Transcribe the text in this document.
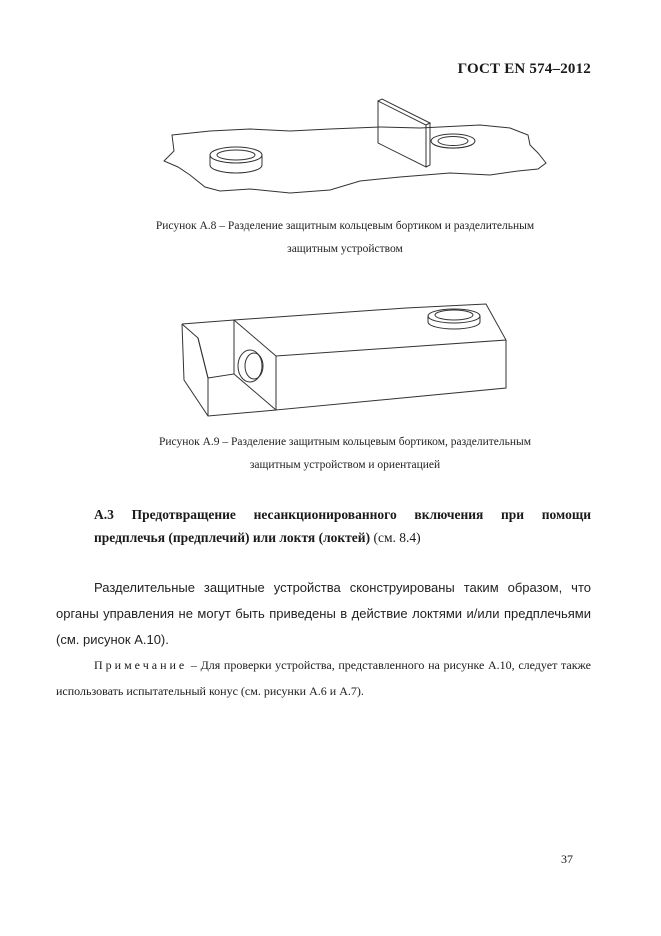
ГОСТ EN 574–2012
Рисунок A.8 – Разделение защитным кольцевым бортиком и разделительным
защитным устройством
Рисунок A.9 – Разделение защитным кольцевым бортиком, разделительным
защитным устройством и ориентацией
A.3 Предотвращение несанкционированного включения при помощи предплечья (предплечий) или локтя (локтей) (см. 8.4)
Разделительные защитные устройства сконструированы таким образом, что органы управления не могут быть приведены в действие локтями и/или предплечьями (см. рисунок A.10).
Примечание – Для проверки устройства, представленного на рисунке A.10, следует также использовать испытательный конус (см. рисунки A.6 и A.7).
37
